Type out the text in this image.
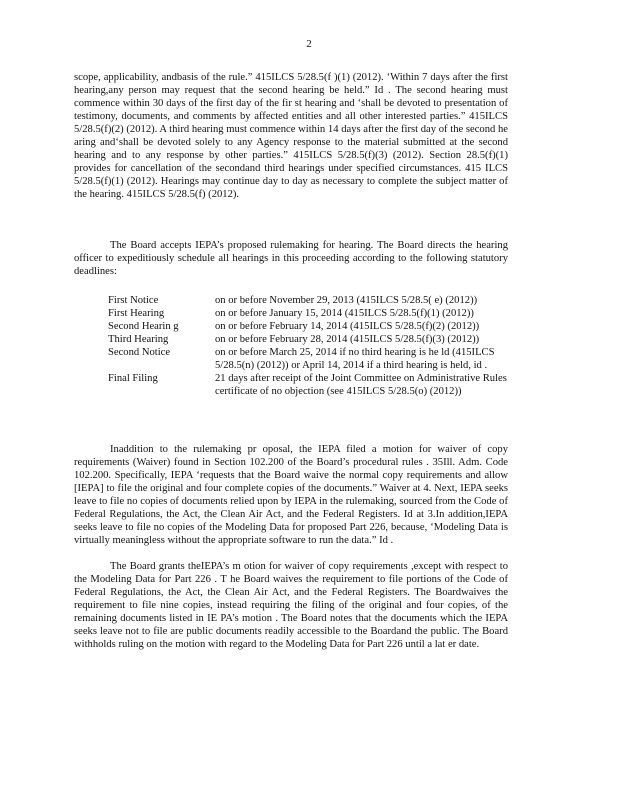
2

scope, applicability, andbasis of the rule.” 415ILCS 5/28.5(f )(1) (2012). ‘Within 7 days after the first hearing,any person may request that the second hearing be held.” Id . The second hearing must commence within 30 days of the first day of the fir st hearing and ‘shall be devoted to presentation of testimony, documents, and comments by affected entities and all other interested parties.” 415ILCS 5/28.5(f)(2) (2012). A third hearing must commence within 14 days after the first day of the second he aring and‘shall be devoted solely to any Agency response to the material submitted at the second hearing and to any response by other parties.” 415ILCS 5/28.5(f)(3) (2012). Section 28.5(f)(1) provides for cancellation of the secondand third hearings under specified circumstances. 415 ILCS 5/28.5(f)(1) (2012). Hearings may continue day to day as necessary to complete the subject matter of the hearing. 415ILCS 5/28.5(f) (2012).

The Board accepts IEPA’s proposed rulemaking for hearing. The Board directs the hearing officer to expeditiously schedule all hearings in this proceeding according to the following statutory deadlines:

First Notice	on or before November 29, 2013 (415ILCS 5/28.5( e) (2012))
First Hearing	on or before January 15, 2014 (415ILCS 5/28.5(f)(1) (2012))
Second Hearin g	on or before February 14, 2014 (415ILCS 5/28.5(f)(2) (2012))
Third Hearing	on or before February 28, 2014 (415ILCS 5/28.5(f)(3) (2012))
Second Notice	on or before March 25, 2014 if no third hearing is he ld (415ILCS 5/28.5(n) (2012)) or April 14, 2014 if a third hearing is held, id .
Final Filing	21 days after receipt of the Joint Committee on Administrative Rules certificate of no objection (see 415ILCS 5/28.5(o) (2012))

Inaddition to the rulemaking pr oposal, the IEPA filed a motion for waiver of copy requirements (Waiver) found in Section 102.200 of the Board’s procedural rules . 35Ill. Adm. Code 102.200. Specifically, IEPA ‘requests that the Board waive the normal copy requirements and allow [IEPA] to file the original and four complete copies of the documents.” Waiver at 4. Next, IEPA seeks leave to file no copies of documents relied upon by IEPA in the rulemaking, sourced from the Code of Federal Regulations, the Act, the Clean Air Act, and the Federal Registers. Id at 3.In addition,IEPA seeks leave to file no copies of the Modeling Data for proposed Part 226, because, ‘Modeling Data is virtually meaningless without the appropriate software to run the data.” Id .

The Board grants theIEPA’s m otion for waiver of copy requirements ,except with respect to the Modeling Data for Part 226 . T he Board waives the requirement to file portions of the Code of Federal Regulations, the Act, the Clean Air Act, and the Federal Registers. The Boardwaives the requirement to file nine copies, instead requiring the filing of the original and four copies, of the remaining documents listed in IE PA’s motion . The Board notes that the documents which the IEPA seeks leave not to file are public documents readily accessible to the Boardand the public. The Board withholds ruling on the motion with regard to the Modeling Data for Part 226 until a lat er date.
